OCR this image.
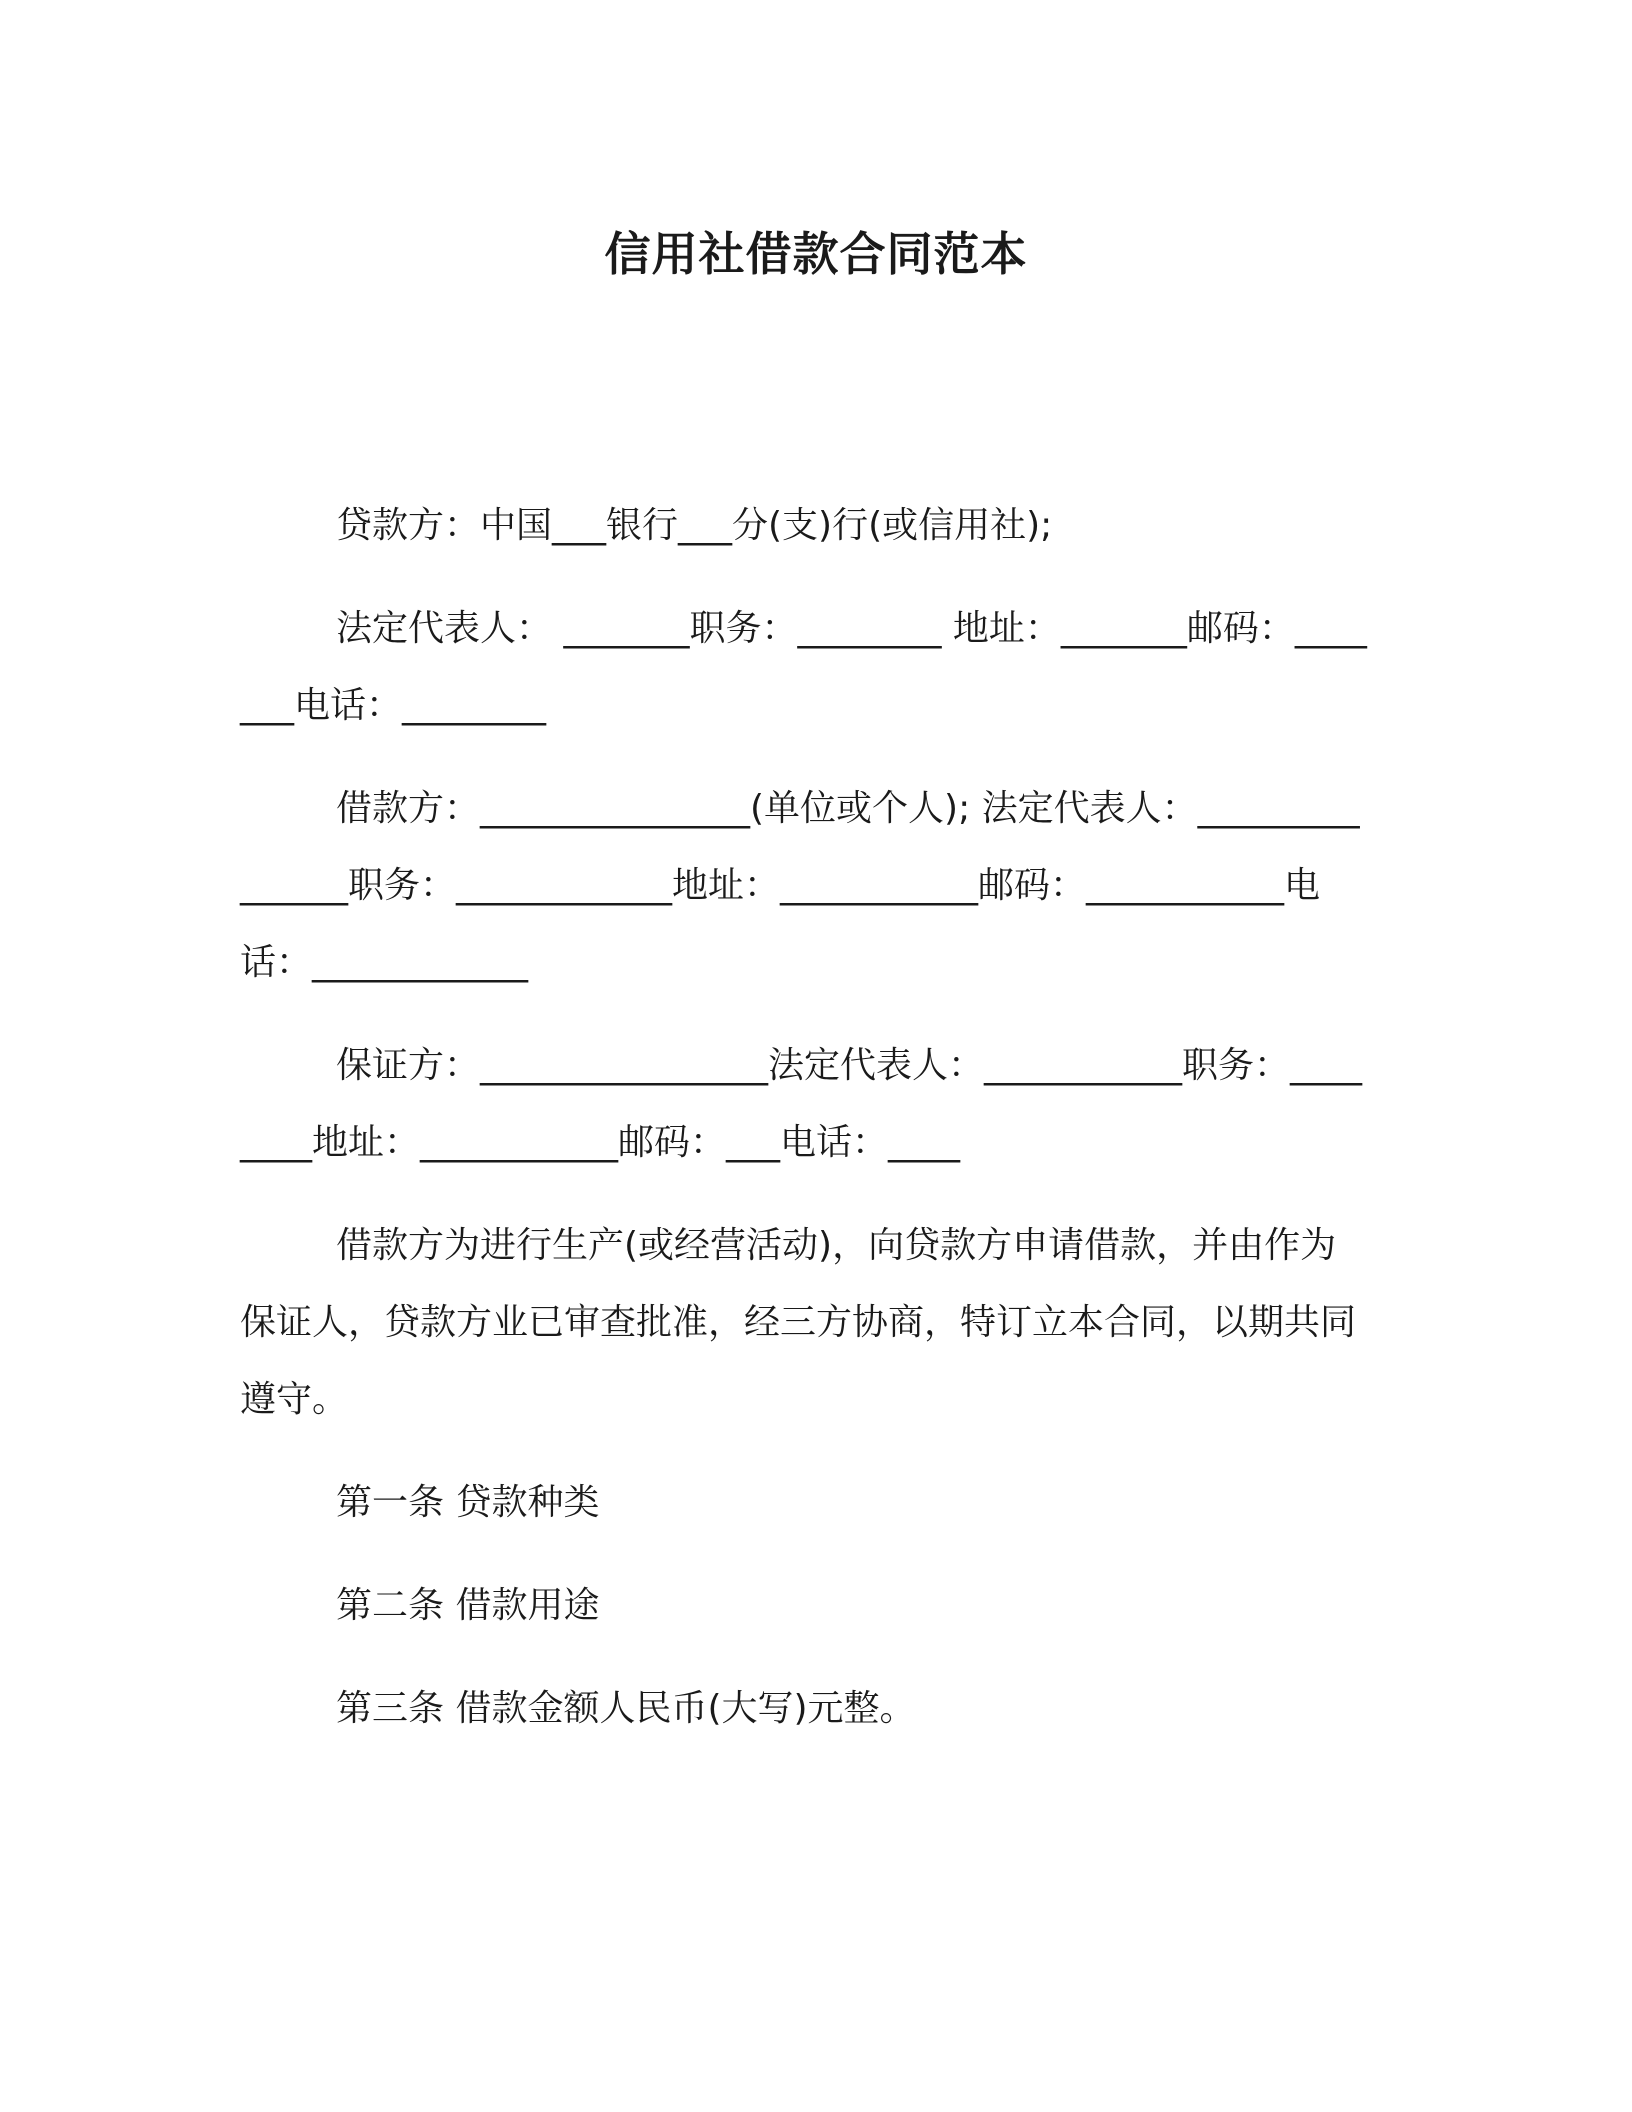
信用社借款合同范本

贷款方：中国___银行___分(支)行(或信用社);

法定代表人： _______职务：________ 地址：_______邮码：_______电话：________

借款方：_______________(单位或个人); 法定代表人：_______________职务：____________地址：___________邮码：___________电话：____________

保证方：________________法定代表人：___________职务：________地址：___________邮码：___电话：____

借款方为进行生产(或经营活动)，向贷款方申请借款，并由作为保证人，贷款方业已审查批准，经三方协商，特订立本合同，以期共同遵守。

第一条 贷款种类

第二条 借款用途

第三条 借款金额人民币(大写)元整。
